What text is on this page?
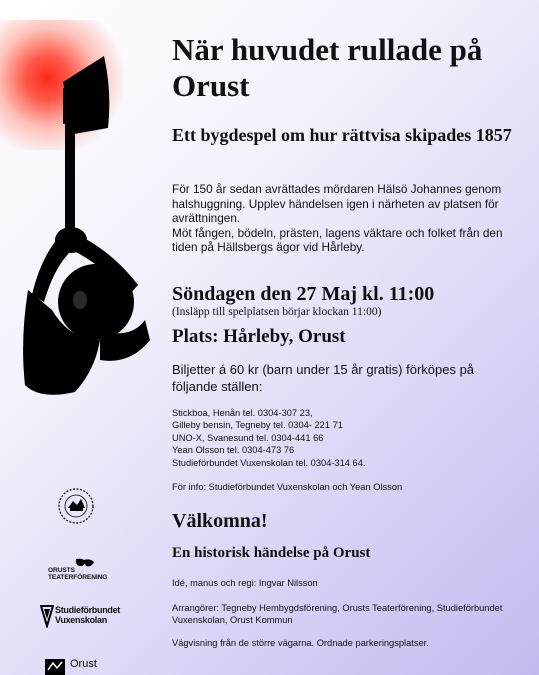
När huvudet rullade på Orust
Ett bygdespel om hur rättvisa skipades 1857

För 150 år sedan avrättades mördaren Hälsö Johannes genom halshuggning. Upplev händelsen igen i närheten av platsen för avrättningen.
Möt fången, bödeln, prästen, lagens väktare och folket från den tiden på Hällsbergs ägor vid Hårleby.

Söndagen den 27 Maj kl. 11:00

(Insläpp till spelplatsen börjar klockan 11:00)

Plats: Hårleby, Orust

Biljetter á 60 kr (barn under 15 år gratis) förköpes på följande ställen:

Stickboa, Henån tel. 0304-307 23,
Gilleby bensin, Tegneby tel. 0304- 221 71
UNO-X, Svanesund tel. 0304-441 66
Yean Olsson tel. 0304-473 76
Studieförbundet Vuxenskolan tel. 0304-314 64.

För info: Studieförbundet Vuxenskolan och Yean Olsson

Välkomna!

En historisk händelse på Orust

Idé, manus och regi: Ingvar Nilsson

Arrangörer: Tegneby Hembygdsförening, Orusts Teaterförening, Studieförbundet Vuxenskolan, Orust Kommun

Vägvisning från de större vägarna. Ordnade parkeringsplatser.

ORUSTS
TEATERFÖRENING
Studieförbundet
Vuxenskolan
Orust
